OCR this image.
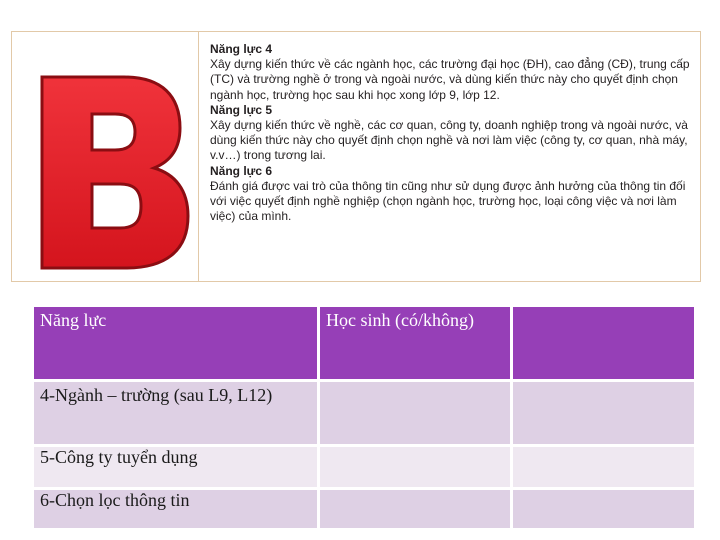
Năng lực 4
Xây dựng kiến thức về các ngành học, các trường đại học (ĐH), cao đẳng (CĐ), trung cấp (TC) và trường nghề ở trong và ngoài nước, và dùng kiến thức này cho quyết định chọn ngành học, trường học sau khi học xong lớp 9, lớp 12.
Năng lực 5
Xây dựng kiến thức về nghề, các cơ quan, công ty, doanh nghiệp trong và ngoài nước, và dùng kiến thức này cho quyết định chọn nghề và nơi làm việc (công ty, cơ quan, nhà máy, v.v…) trong tương lai.
Năng lực 6
Đánh giá được vai trò của thông tin cũng như sử dụng được ảnh hưởng của thông tin đối với việc quyết định nghề nghiệp (chọn ngành học, trường học, loại công việc và nơi làm việc) của mình.
Năng lực	Học sinh (có/không)	
4-Ngành – trường (sau L9, L12)		
5-Công ty tuyển dụng		
6-Chọn lọc thông tin		
